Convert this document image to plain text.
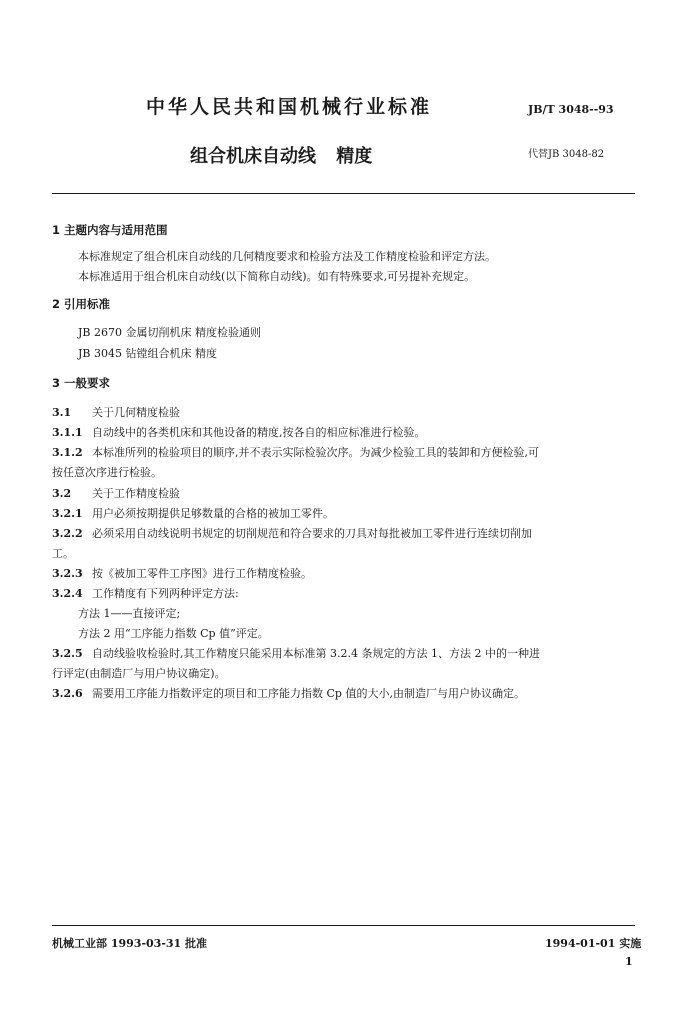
中华人民共和国机械行业标准	JB/T 3048--93
组合机床自动线 精度	代替JB 3048-82
1 主题内容与适用范围
本标准规定了组合机床自动线的几何精度要求和检验方法及工作精度检验和评定方法。
本标准适用于组合机床自动线(以下简称自动线)。如有特殊要求,可另提补充规定。
2 引用标准
JB 2670 金属切削机床 精度检验通则
JB 3045 钻镗组合机床 精度
3 一般要求
3.1 关于几何精度检验
3.1.1 自动线中的各类机床和其他设备的精度,按各自的相应标准进行检验。
3.1.2 本标准所列的检验项目的顺序,并不表示实际检验次序。为减少检验工具的装卸和方便检验,可
按任意次序进行检验。
3.2 关于工作精度检验
3.2.1 用户必须按期提供足够数量的合格的被加工零件。
3.2.2 必须采用自动线说明书规定的切削规范和符合要求的刀具对每批被加工零件进行连续切削加
工。
3.2.3 按《被加工零件工序图》进行工作精度检验。
3.2.4 工作精度有下列两种评定方法:
方法 1——直接评定;
方法 2 用“工序能力指数 Cp 值”评定。
3.2.5 自动线验收检验时,其工作精度只能采用本标准第 3.2.4 条规定的方法 1、方法 2 中的一种进
行评定(由制造厂与用户协议确定)。
3.2.6 需要用工序能力指数评定的项目和工序能力指数 Cp 值的大小,由制造厂与用户协议确定。
机械工业部 1993-03-31 批准	1994-01-01 实施
1
